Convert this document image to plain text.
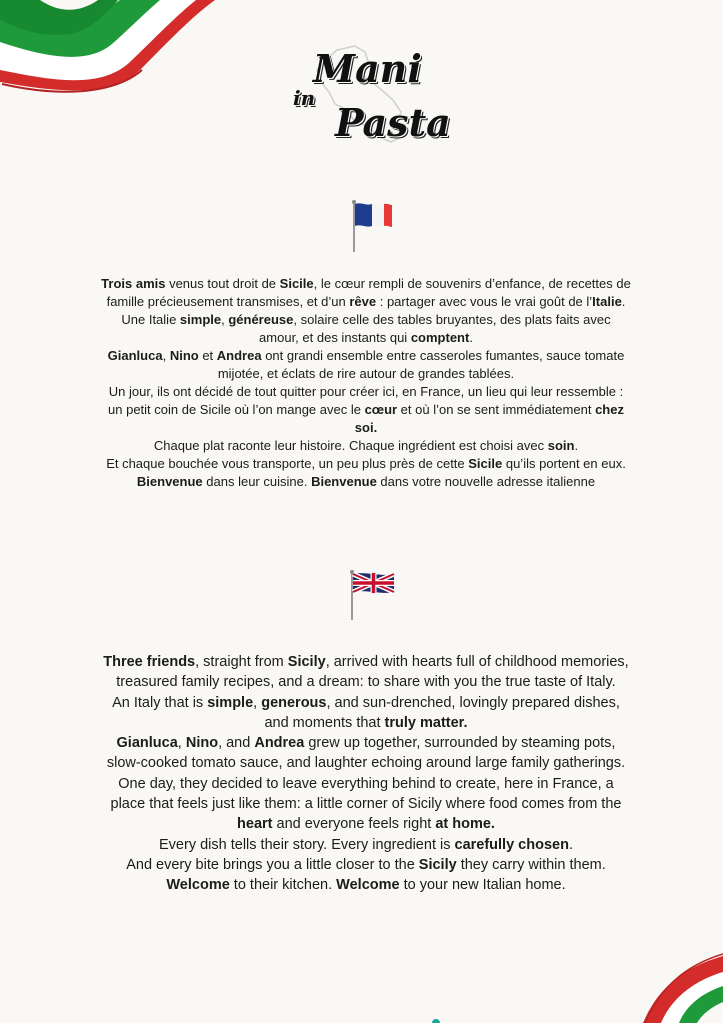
Mani
in
Pasta

Trois amis venus tout droit de Sicile, le cœur rempli de souvenirs d’enfance, de recettes de famille précieusement transmises, et d’un rêve : partager avec vous le vrai goût de l’Italie.

Une Italie simple, généreuse, solaire celle des tables bruyantes, des plats faits avec amour, et des instants qui comptent.

Gianluca, Nino et Andrea ont grandi ensemble entre casseroles fumantes, sauce tomate mijotée, et éclats de rire autour de grandes tablées.

Un jour, ils ont décidé de tout quitter pour créer ici, en France, un lieu qui leur ressemble : un petit coin de Sicile où l’on mange avec le cœur et où l’on se sent immédiatement chez soi.

Chaque plat raconte leur histoire. Chaque ingrédient est choisi avec soin.

Et chaque bouchée vous transporte, un peu plus près de cette Sicile qu’ils portent en eux.

Bienvenue dans leur cuisine. Bienvenue dans votre nouvelle adresse italienne

Three friends, straight from Sicily, arrived with hearts full of childhood memories, treasured family recipes, and a dream: to share with you the true taste of Italy.

An Italy that is simple, generous, and sun-drenched, lovingly prepared dishes, and moments that truly matter.

Gianluca, Nino, and Andrea grew up together, surrounded by steaming pots, slow-cooked tomato sauce, and laughter echoing around large family gatherings.

One day, they decided to leave everything behind to create, here in France, a place that feels just like them: a little corner of Sicily where food comes from the heart and everyone feels right at home.

Every dish tells their story. Every ingredient is carefully chosen.

And every bite brings you a little closer to the Sicily they carry within them.

Welcome to their kitchen. Welcome to your new Italian home.
